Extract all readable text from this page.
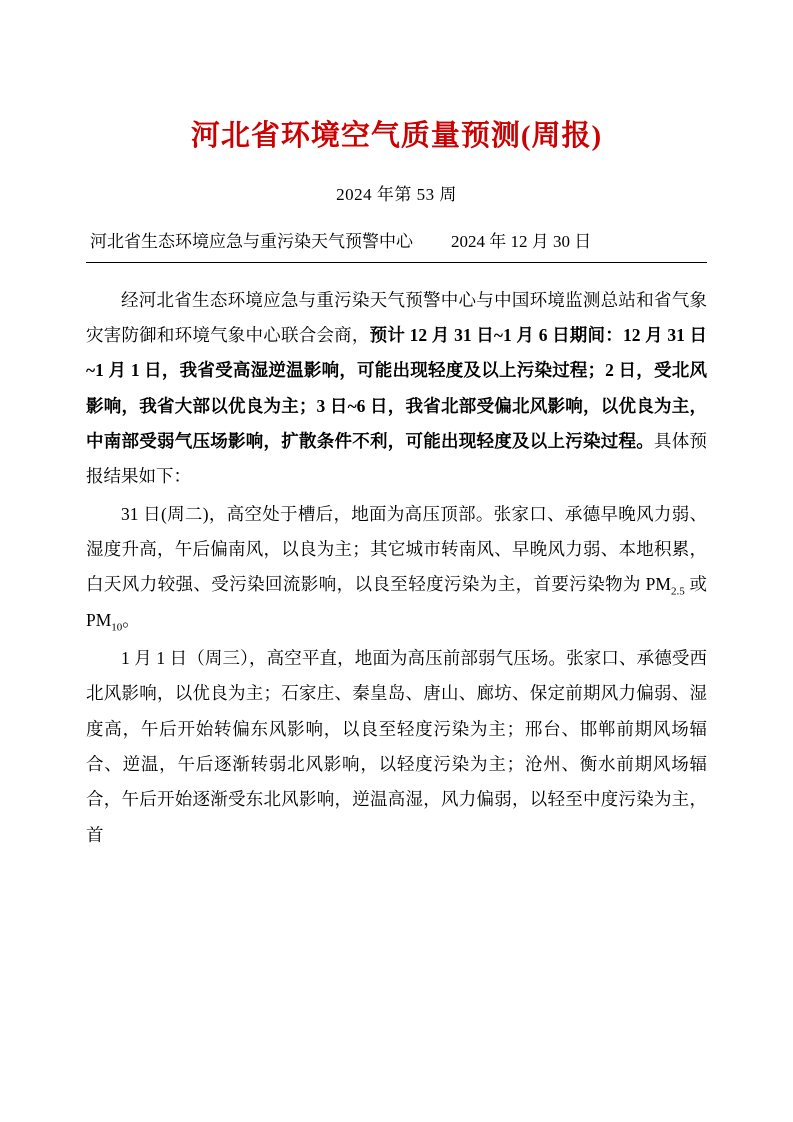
河北省环境空气质量预测(周报)
2024 年第 53 周
河北省生态环境应急与重污染天气预警中心 2024 年 12 月 30 日

经河北省生态环境应急与重污染天气预警中心与中国环境监测总站和省气象灾害防御和环境气象中心联合会商，预计 12 月 31 日~1 月 6 日期间：12 月 31 日~1 月 1 日，我省受高湿逆温影响，可能出现轻度及以上污染过程；2 日，受北风影响，我省大部以优良为主；3 日~6 日，我省北部受偏北风影响，以优良为主，中南部受弱气压场影响，扩散条件不利，可能出现轻度及以上污染过程。具体预报结果如下：

31 日(周二)，高空处于槽后，地面为高压顶部。张家口、承德早晚风力弱、湿度升高，午后偏南风，以良为主；其它城市转南风、早晚风力弱、本地积累，白天风力较强、受污染回流影响，以良至轻度污染为主，首要污染物为 $PM_{2.5}$ 或 $PM_{10}$。

1 月 1 日（周三），高空平直，地面为高压前部弱气压场。张家口、承德受西北风影响，以优良为主；石家庄、秦皇岛、唐山、廊坊、保定前期风力偏弱、湿度高，午后开始转偏东风影响，以良至轻度污染为主；邢台、邯郸前期风场辐合、逆温，午后逐渐转弱北风影响，以轻度污染为主；沧州、衡水前期风场辐合，午后开始逐渐受东北风影响，逆温高湿，风力偏弱，以轻至中度污染为主，首
